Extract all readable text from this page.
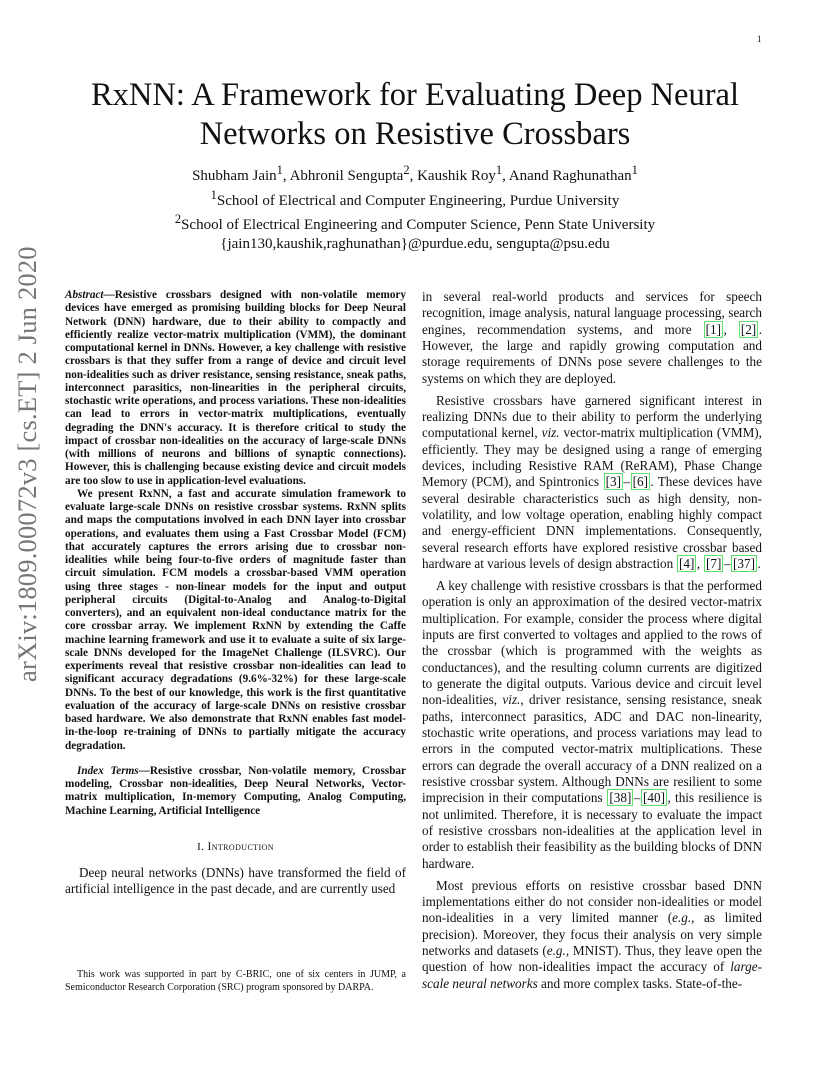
1
arXiv:1809.00072v3 [cs.ET] 2 Jun 2020
RxNN: A Framework for Evaluating Deep Neural
Networks on Resistive Crossbars
Shubham Jain$^1$, Abhronil Sengupta$^2$, Kaushik Roy$^1$, Anand Raghunathan$^1$
$^1$School of Electrical and Computer Engineering, Purdue University
$^2$School of Electrical Engineering and Computer Science, Penn State University
{jain130,kaushik,raghunathan}@purdue.edu, sengupta@psu.edu

Abstract—Resistive crossbars designed with non-volatile memory devices have emerged as promising building blocks for Deep Neural Network (DNN) hardware, due to their ability to compactly and efficiently realize vector-matrix multiplication (VMM), the dominant computational kernel in DNNs. However, a key challenge with resistive crossbars is that they suffer from a range of device and circuit level non-idealities such as driver resistance, sensing resistance, sneak paths, interconnect parasitics, non-linearities in the peripheral circuits, stochastic write operations, and process variations. These non-idealities can lead to errors in vector-matrix multiplications, eventually degrading the DNN's accuracy. It is therefore critical to study the impact of crossbar non-idealities on the accuracy of large-scale DNNs (with millions of neurons and billions of synaptic connections). However, this is challenging because existing device and circuit models are too slow to use in application-level evaluations.

We present RxNN, a fast and accurate simulation framework to evaluate large-scale DNNs on resistive crossbar systems. RxNN splits and maps the computations involved in each DNN layer into crossbar operations, and evaluates them using a Fast Crossbar Model (FCM) that accurately captures the errors arising due to crossbar non-idealities while being four-to-five orders of magnitude faster than circuit simulation. FCM models a crossbar-based VMM operation using three stages - non-linear models for the input and output peripheral circuits (Digital-to-Analog and Analog-to-Digital converters), and an equivalent non-ideal conductance matrix for the core crossbar array. We implement RxNN by extending the Caffe machine learning framework and use it to evaluate a suite of six large-scale DNNs developed for the ImageNet Challenge (ILSVRC). Our experiments reveal that resistive crossbar non-idealities can lead to significant accuracy degradations (9.6%-32%) for these large-scale DNNs. To the best of our knowledge, this work is the first quantitative evaluation of the accuracy of large-scale DNNs on resistive crossbar based hardware. We also demonstrate that RxNN enables fast model-in-the-loop re-training of DNNs to partially mitigate the accuracy degradation.

Index Terms—Resistive crossbar, Non-volatile memory, Crossbar modeling, Crossbar non-idealities, Deep Neural Networks, Vector-matrix multiplication, In-memory Computing, Analog Computing, Machine Learning, Artificial Intelligence

I. Introduction

Deep neural networks (DNNs) have transformed the field of artificial intelligence in the past decade, and are currently used

This work was supported in part by C-BRIC, one of six centers in JUMP, a Semiconductor Research Corporation (SRC) program sponsored by DARPA.

in several real-world products and services for speech recognition, image analysis, natural language processing, search engines, recommendation systems, and more [1] , [2] . However, the large and rapidly growing computation and storage requirements of DNNs pose severe challenges to the systems on which they are deployed.

Resistive crossbars have garnered significant interest in realizing DNNs due to their ability to perform the underlying computational kernel, viz. vector-matrix multiplication (VMM), efficiently. They may be designed using a range of emerging devices, including Resistive RAM (ReRAM), Phase Change Memory (PCM), and Spintronics [3] – [6] . These devices have several desirable characteristics such as high density, non-volatility, and low voltage operation, enabling highly compact and energy-efficient DNN implementations. Consequently, several research efforts have explored resistive crossbar based hardware at various levels of design abstraction [4] , [7] – [37] .

A key challenge with resistive crossbars is that the performed operation is only an approximation of the desired vector-matrix multiplication. For example, consider the process where digital inputs are first converted to voltages and applied to the rows of the crossbar (which is programmed with the weights as conductances), and the resulting column currents are digitized to generate the digital outputs. Various device and circuit level non-idealities, viz., driver resistance, sensing resistance, sneak paths, interconnect parasitics, ADC and DAC non-linearity, stochastic write operations, and process variations may lead to errors in the computed vector-matrix multiplications. These errors can degrade the overall accuracy of a DNN realized on a resistive crossbar system. Although DNNs are resilient to some imprecision in their computations [38] – [40] , this resilience is not unlimited. Therefore, it is necessary to evaluate the impact of resistive crossbars non-idealities at the application level in order to establish their feasibility as the building blocks of DNN hardware.

Most previous efforts on resistive crossbar based DNN implementations either do not consider non-idealities or model non-idealities in a very limited manner (e.g., as limited precision). Moreover, they focus their analysis on very simple networks and datasets (e.g., MNIST). Thus, they leave open the question of how non-idealities impact the accuracy of large-scale neural networks and more complex tasks. State-of-the-
